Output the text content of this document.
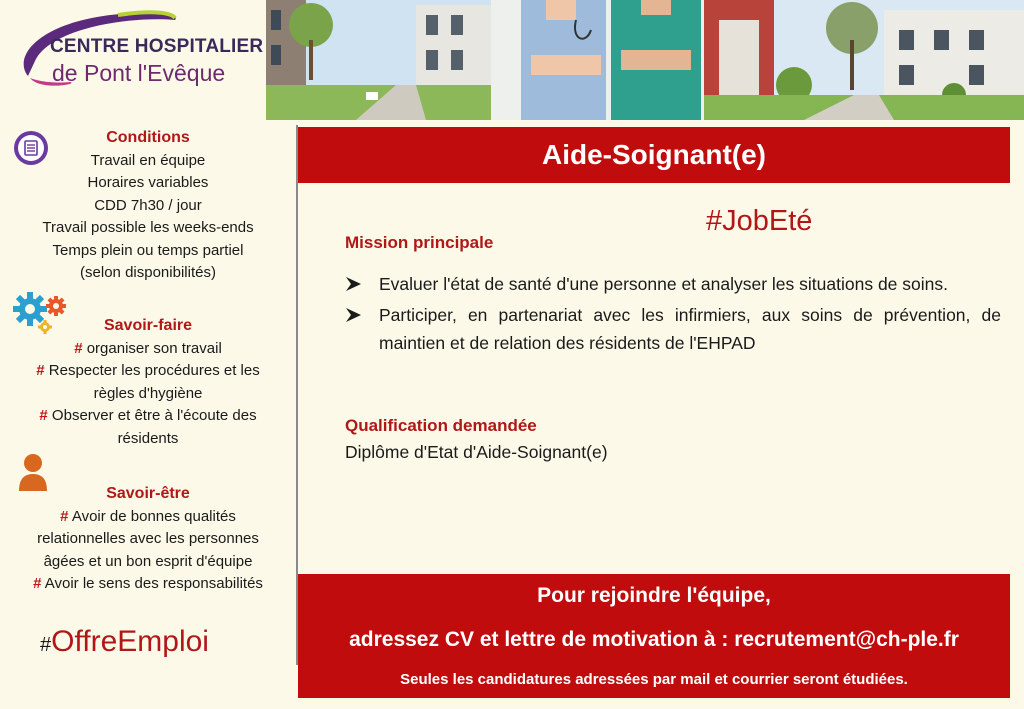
CENTRE HOSPITALIER
de Pont l'Evêque
Conditions
Travail en équipe
Horaires variables
CDD 7h30 / jour
Travail possible les weeks-ends
Temps plein ou temps partiel
(selon disponibilités)
Savoir-faire
# organiser son travail
# Respecter les procédures et les règles d'hygiène
# Observer et être à l'écoute des résidents
Savoir-être
# Avoir de bonnes qualités relationnelles avec les personnes âgées et un bon esprit d'équipe
# Avoir le sens des responsabilités
#OffreEmploi
Aide-Soignant(e)
#JobEté
Mission principale
Evaluer l'état de santé d'une personne et analyser les situations de soins.
Participer, en partenariat avec les infirmiers, aux soins de prévention, de maintien et de relation des résidents de l'EHPAD
Qualification demandée
Diplôme d'Etat d'Aide-Soignant(e)
Pour rejoindre l'équipe,
adressez CV et lettre de motivation à : recrutement@ch-ple.fr
Seules les candidatures adressées par mail et courrier seront étudiées.
